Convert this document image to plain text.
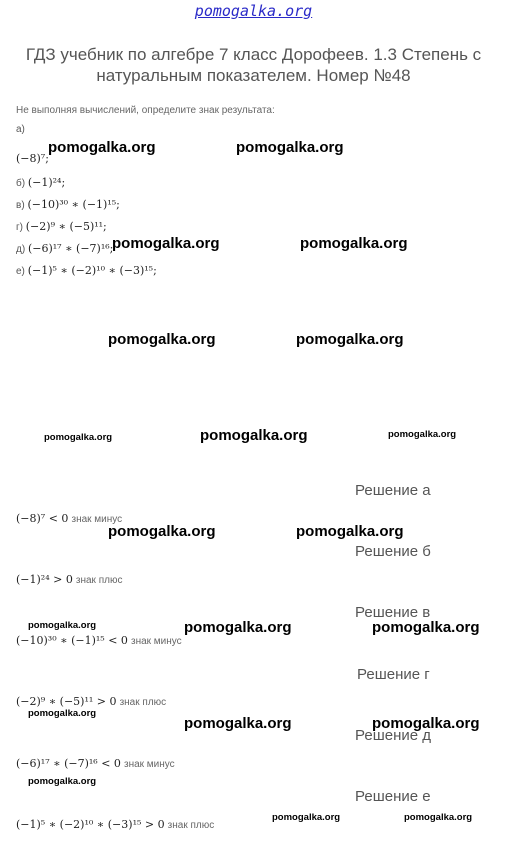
pomogalka.org
ГДЗ учебник по алгебре 7 класс Дорофеев. 1.3 Степень с натуральным показателем. Номер №48
Не выполняя вычислений, определите знак результата:
а)
(−8)⁷;
б) (−1)²⁴;
в) (−10)³⁰ ∗ (−1)¹⁵;
г) (−2)⁹ ∗ (−5)¹¹;
д) (−6)¹⁷ ∗ (−7)¹⁶;
е) (−1)⁵ ∗ (−2)¹⁰ ∗ (−3)¹⁵;
Решение а
(−8)⁷ < 0 знак минус
Решение б
(−1)²⁴ > 0 знак плюс
Решение в
(−10)³⁰ ∗ (−1)¹⁵ < 0 знак минус
Решение г
(−2)⁹ ∗ (−5)¹¹ > 0 знак плюс
Решение д
(−6)¹⁷ ∗ (−7)¹⁶ < 0 знак минус
Решение е
(−1)⁵ ∗ (−2)¹⁰ ∗ (−3)¹⁵ > 0 знак плюс
pomogalka.org	pomogalka.org
pomogalka.org	pomogalka.org
pomogalka.org	pomogalka.org
pomogalka.org	pomogalka.org	pomogalka.org
pomogalka.org	pomogalka.org
pomogalka.org	pomogalka.org	pomogalka.org
pomogalka.org
pomogalka.org	pomogalka.org
pomogalka.org
pomogalka.org	pomogalka.org
